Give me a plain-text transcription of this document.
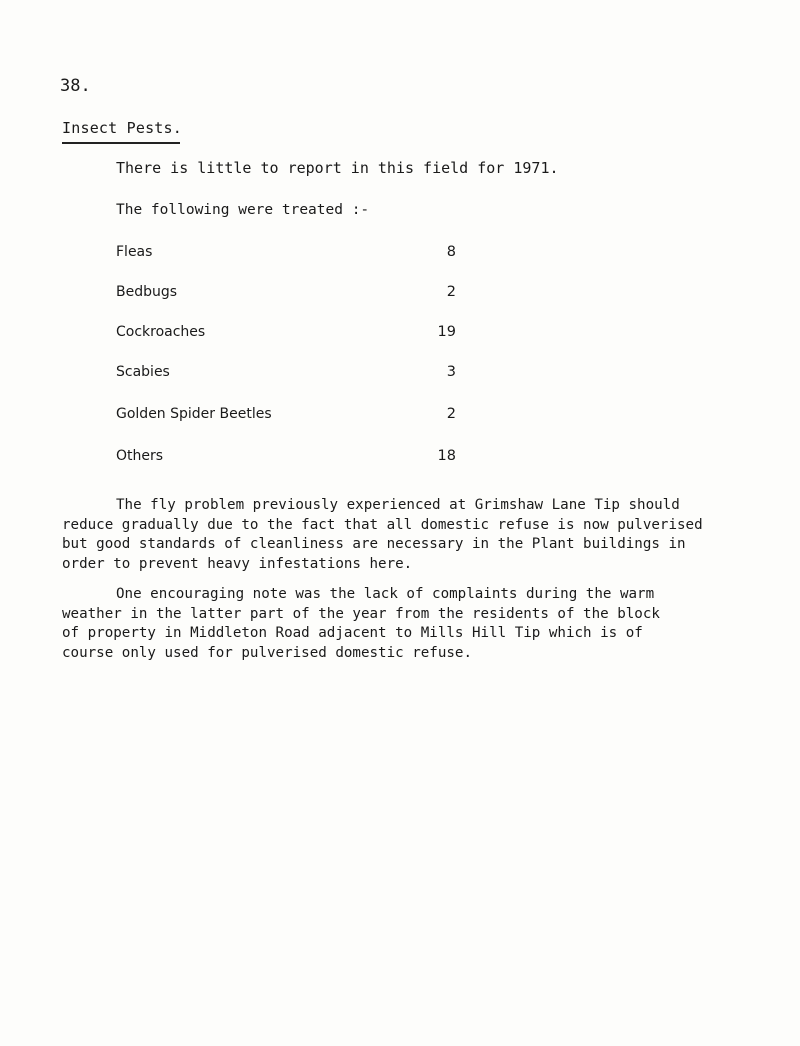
38.
Insect Pests.
There is little to report in this field for 1971.
The following were treated :-
Fleas	8
Bedbugs	2
Cockroaches	19
Scabies	3
Golden Spider Beetles	2
Others	18
The fly problem previously experienced at Grimshaw Lane Tip should
reduce gradually due to the fact that all domestic refuse is now pulverised
but good standards of cleanliness are necessary in the Plant buildings in
order to prevent heavy infestations here.
One encouraging note was the lack of complaints during the warm
weather in the latter part of the year from the residents of the block
of property in Middleton Road adjacent to Mills Hill Tip which is of
course only used for pulverised domestic refuse.
